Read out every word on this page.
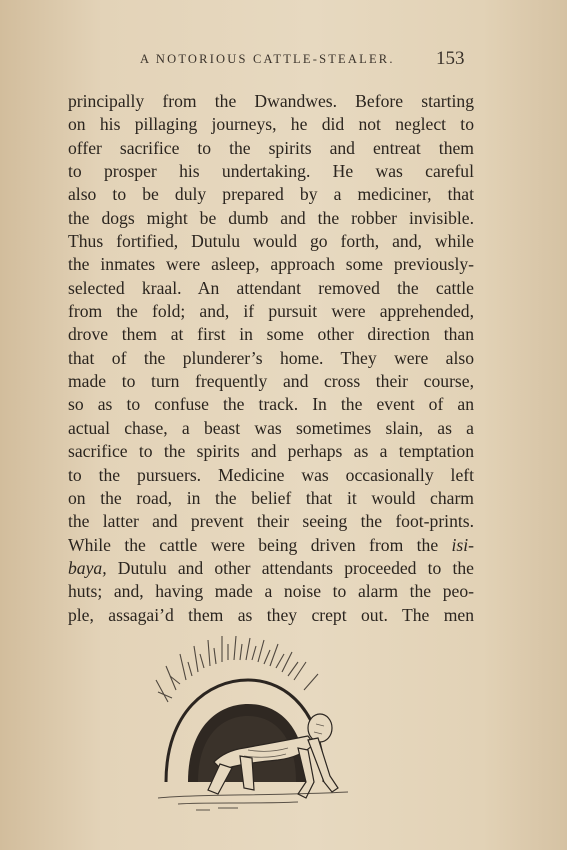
A NOTORIOUS CATTLE-STEALER. 153
principally from the Dwandwes. Before starting
on his pillaging journeys, he did not neglect to
offer sacrifice to the spirits and entreat them
to prosper his undertaking. He was careful
also to be duly prepared by a mediciner, that
the dogs might be dumb and the robber invisible.
Thus fortified, Dutulu would go forth, and, while
the inmates were asleep, approach some previously-
selected kraal. An attendant removed the cattle
from the fold; and, if pursuit were apprehended,
drove them at first in some other direction than
that of the plunderer’s home. They were also
made to turn frequently and cross their course,
so as to confuse the track. In the event of an
actual chase, a beast was sometimes slain, as a
sacrifice to the spirits and perhaps as a temptation
to the pursuers. Medicine was occasionally left
on the road, in the belief that it would charm
the latter and prevent their seeing the foot-prints.
While the cattle were being driven from the isi-
baya, Dutulu and other attendants proceeded to the
huts; and, having made a noise to alarm the peo-
ple, assagai’d them as they crept out. The men
